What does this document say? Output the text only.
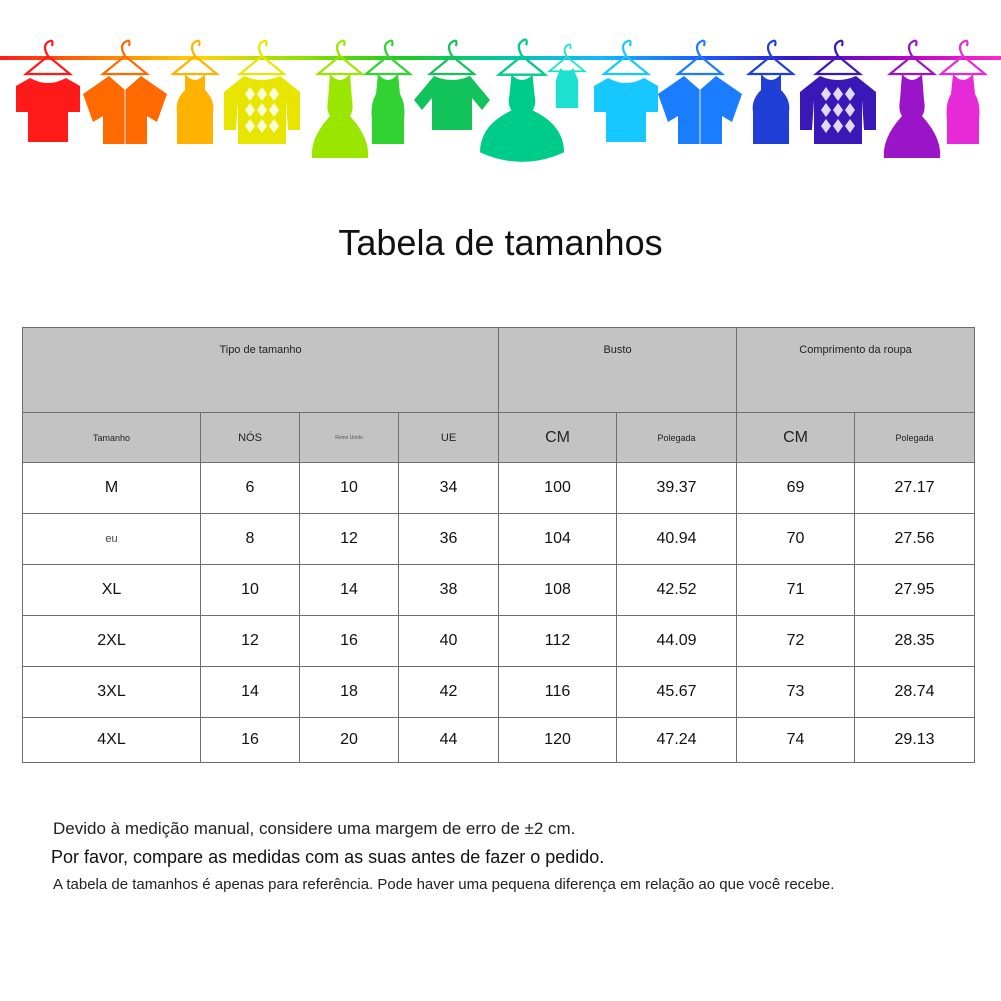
Tabela de tamanhos
Tipo de tamanho				Busto		Comprimento da roupa	
Tamanho	NÓS	Reino Unido	UE	CM	Polegada	CM	Polegada
M	6	10	34	100	39.37	69	27.17
eu	8	12	36	104	40.94	70	27.56
XL	10	14	38	108	42.52	71	27.95
2XL	12	16	40	112	44.09	72	28.35
3XL	14	18	42	116	45.67	73	28.74
4XL	16	20	44	120	47.24	74	29.13

Devido à medição manual, considere uma margem de erro de ±2 cm.

Por favor, compare as medidas com as suas antes de fazer o pedido.

A tabela de tamanhos é apenas para referência. Pode haver uma pequena diferença em relação ao que você recebe.
